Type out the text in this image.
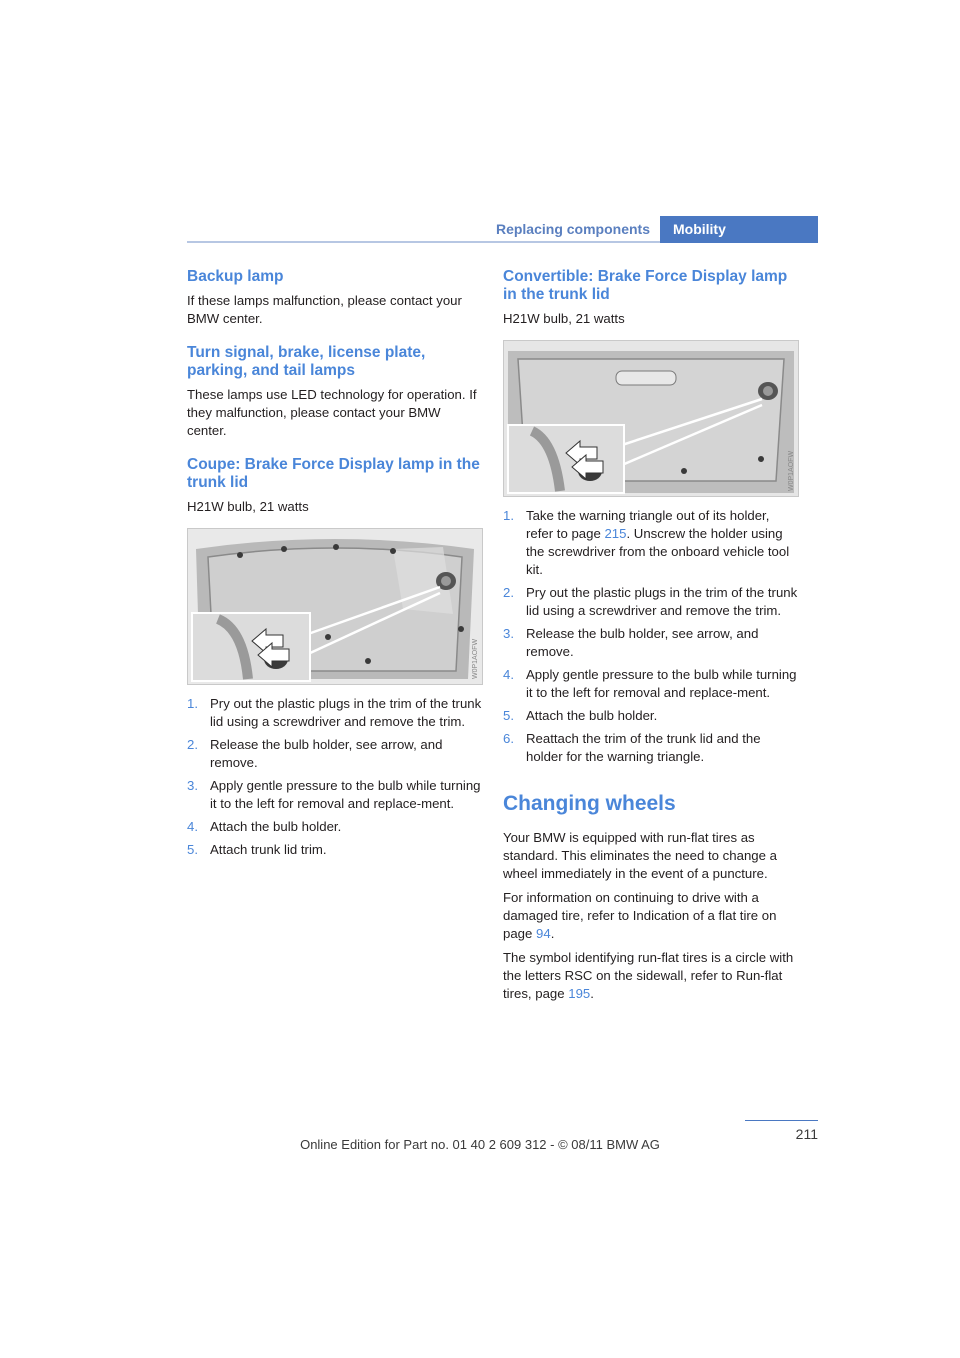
Replacing components	Mobility
Backup lamp

If these lamps malfunction, please contact your BMW center.

Turn signal, brake, license plate, parking, and tail lamps

These lamps use LED technology for operation. If they malfunction, please contact your BMW center.

Coupe: Brake Force Display lamp in the trunk lid

H21W bulb, 21 watts

W0P1AOFW
1. Pry out the plastic plugs in the trim of the trunk lid using a screwdriver and remove the trim.
2. Release the bulb holder, see arrow, and remove.
3. Apply gentle pressure to the bulb while turning it to the left for removal and replace-ment.
4. Attach the bulb holder.
5. Attach trunk lid trim.
Convertible: Brake Force Display lamp in the trunk lid

H21W bulb, 21 watts

W0P1AOFW
1. Take the warning triangle out of its holder, refer to page 215. Unscrew the holder using the screwdriver from the onboard vehicle tool kit.
2. Pry out the plastic plugs in the trim of the trunk lid using a screwdriver and remove the trim.
3. Release the bulb holder, see arrow, and remove.
4. Apply gentle pressure to the bulb while turning it to the left for removal and replace-ment.
5. Attach the bulb holder.
6. Reattach the trim of the trunk lid and the holder for the warning triangle.
Changing wheels

Your BMW is equipped with run-flat tires as standard. This eliminates the need to change a wheel immediately in the event of a puncture.

For information on continuing to drive with a damaged tire, refer to Indication of a flat tire on page 94.

The symbol identifying run-flat tires is a circle with the letters RSC on the sidewall, refer to Run-flat tires, page 195.

211
Online Edition for Part no. 01 40 2 609 312 - © 08/11 BMW AG
